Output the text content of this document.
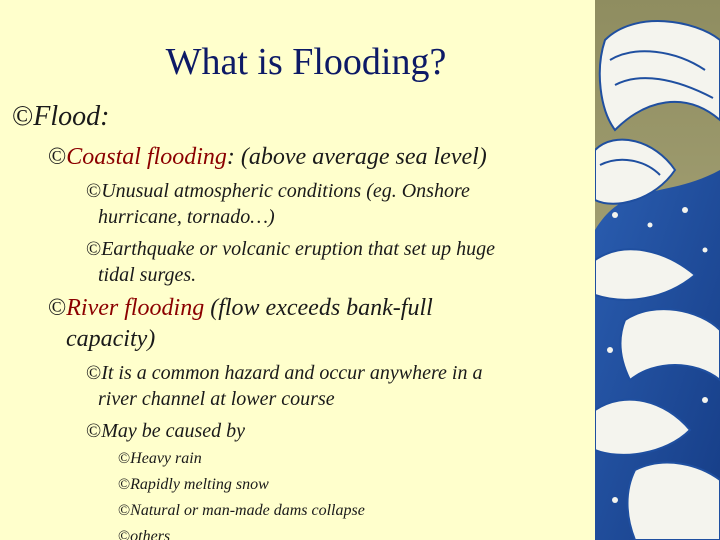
What is Flooding?
©Flood:
©Coastal flooding: (above average sea level)
©Unusual atmospheric conditions (eg. Onshore
hurricane, tornado…)
©Earthquake or volcanic eruption that set up huge
tidal surges.
©River flooding (flow exceeds bank-full
capacity)
©It is a common hazard and occur anywhere in a
river channel at lower course
©May be caused by
©Heavy rain
©Rapidly melting snow
©Natural or man-made dams collapse
©others
